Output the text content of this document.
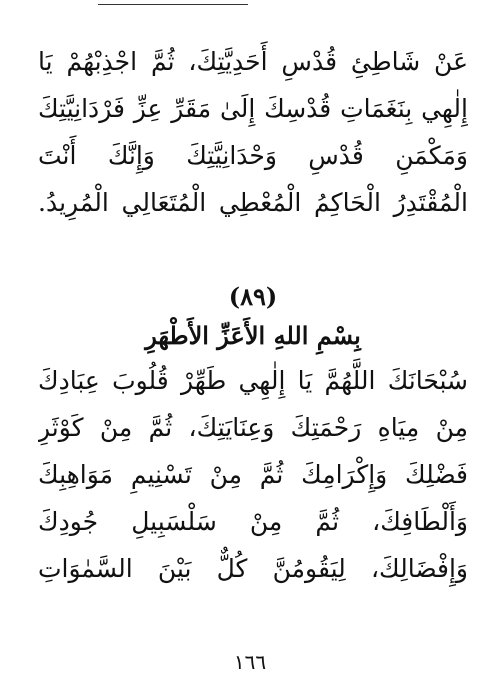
عَنْ شَاطِئِ قُدْسِ أَحَدِيَّتِكَ، ثُمَّ اجْذِبْهُمْ يَا
إِلٰهِي بِنَغَمَاتِ قُدْسِكَ إِلَىٰ مَقَرِّ عِزِّ فَرْدَانِيَّتِكَ
وَمَكْمَنِ قُدْسِ وَحْدَانِيَّتِكَ وَإِنَّكَ أَنْتَ
الْمُقْتَدِرُ الْحَاكِمُ الْمُعْطِي الْمُتَعَالِي الْمُرِيدُ.
(٨٩)
بِسْمِ اللهِ الأَعَزِّ الأَطْهَرِ
سُبْحَانَكَ اللَّهُمَّ يَا إِلٰهِي طَهِّرْ قُلُوبَ عِبَادِكَ
مِنْ مِيَاهِ رَحْمَتِكَ وَعِنَايَتِكَ، ثُمَّ مِنْ كَوْثَرِ
فَضْلِكَ وَإِكْرَامِكَ ثُمَّ مِنْ تَسْنِيمِ مَوَاهِبِكَ
وَأَلْطَافِكَ، ثُمَّ مِنْ سَلْسَبِيلِ جُودِكَ
وَإِفْضَالِكَ، لِيَقُومُنَّ كُلٌّ بَيْنَ السَّمٰوَاتِ
١٦٦
